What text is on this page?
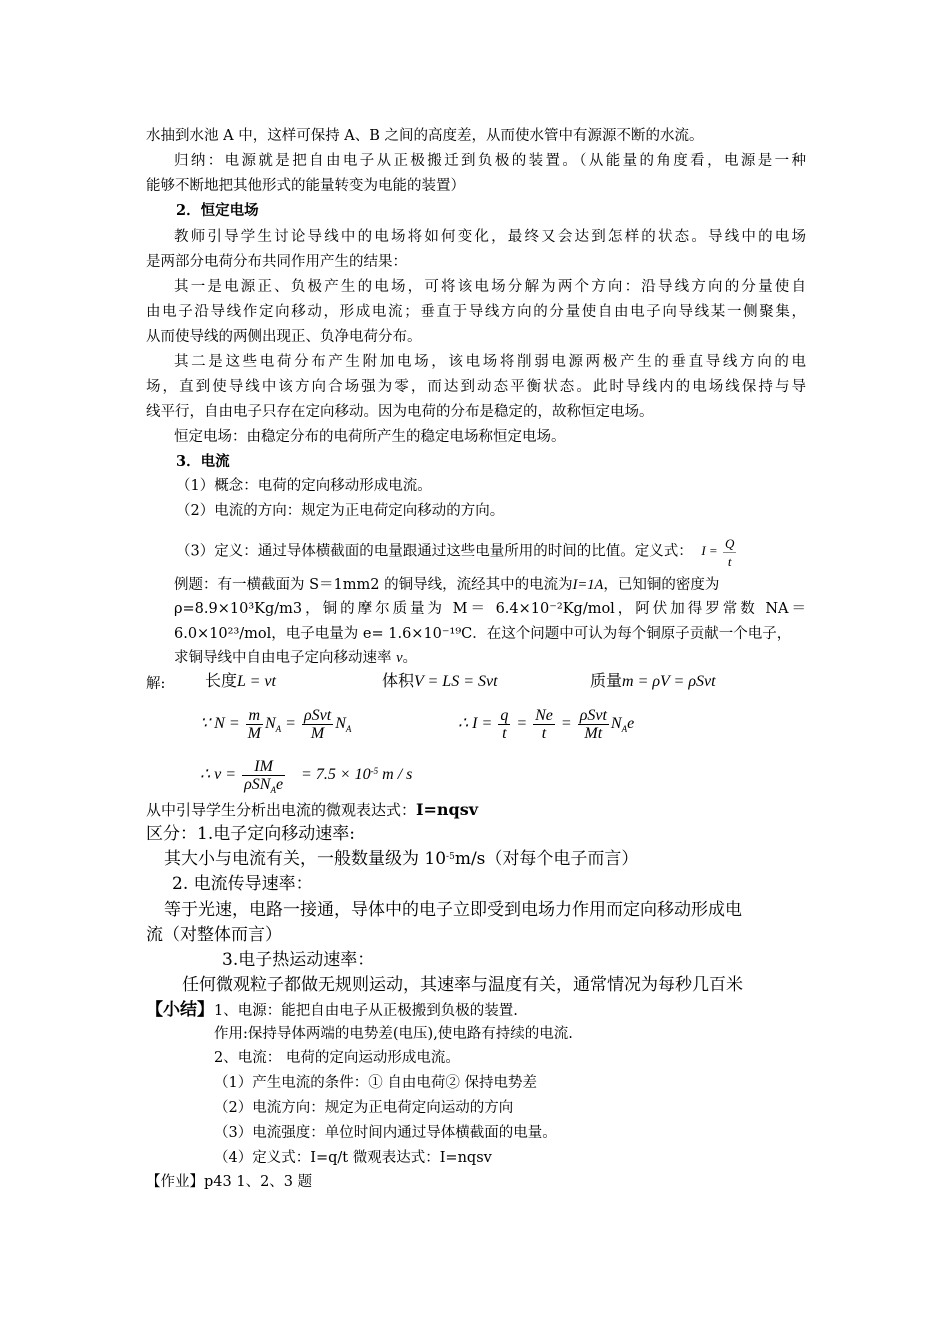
水抽到水池 A 中，这样可保持 A、B 之间的高度差，从而使水管中有源源不断的水流。
归纳：电源就是把自由电子从正极搬迁到负极的装置。（从能量的角度看，电源是一种
能够不断地把其他形式的能量转变为电能的装置）
2．恒定电场
教师引导学生讨论导线中的电场将如何变化，最终又会达到怎样的状态。导线中的电场
是两部分电荷分布共同作用产生的结果：
其一是电源正、负极产生的电场，可将该电场分解为两个方向：沿导线方向的分量使自
由电子沿导线作定向移动，形成电流；垂直于导线方向的分量使自由电子向导线某一侧聚集，
从而使导线的两侧出现正、负净电荷分布。
其二是这些电荷分布产生附加电场，该电场将削弱电源两极产生的垂直导线方向的电
场，直到使导线中该方向合场强为零，而达到动态平衡状态。此时导线内的电场线保持与导
线平行，自由电子只存在定向移动。因为电荷的分布是稳定的，故称恒定电场。
恒定电场：由稳定分布的电荷所产生的稳定电场称恒定电场。
3．电流
（1）概念：电荷的定向移动形成电流。
（2）电流的方向：规定为正电荷定向移动的方向。
（3）定义：通过导体横截面的电量跟通过这些电量所用的时间的比值。定义式： $I = \frac{Q}{t}$
例题：有一横截面为 S＝1mm2 的铜导线，流经其中的电流为I=1A，已知铜的密度为
ρ=8.9×10³Kg/m3，铜的摩尔质量为 M＝ 6.4×10⁻²Kg/mol，阿伏加得罗常数 NA＝
6.0×10²³/mol，电子电量为 e= 1.6×10⁻¹⁹C．在这个问题中可认为每个铜原子贡献一个电子，
求铜导线中自由电子定向移动速率 v。
解: 长度L = vt	体积V = LS = Svt	质量m = ρV = ρSvt
∵ $N = \frac{m}{M} N_A = \frac{\text{ρSvt}}{M} N_A$	∴ $I = \frac{q}{t} = \frac{Ne}{t} = \frac{\text{ρSvt}}{Mt} N_Ae$
∴ $v = \frac{IM}{\rho SN_Ae} = 7.5 \times 10^{-5}$ m / s
从中引导学生分析出电流的微观表达式：I=nqsv
区分：1.电子定向移动速率:
其大小与电流有关，一般数量级为 $10^{-5}m/s$（对每个电子而言）
2. 电流传导速率：
等于光速，电路一接通，导体中的电子立即受到电场力作用而定向移动形成电
流（对整体而言）
3.电子热运动速率：
任何微观粒子都做无规则运动，其速率与温度有关，通常情况为每秒几百米
【小结】1、电源：能把自由电子从正极搬到负极的装置.
作用:保持导体两端的电势差(电压),使电路有持续的电流.
2、电流： 电荷的定向运动形成电流。
（1）产生电流的条件：① 自由电荷② 保持电势差
（2）电流方向：规定为正电荷定向运动的方向
（3）电流强度：单位时间内通过导体横截面的电量。
（4）定义式：I=q/t 微观表达式：I=nqsv
【作业】p43 1、2、3 题
